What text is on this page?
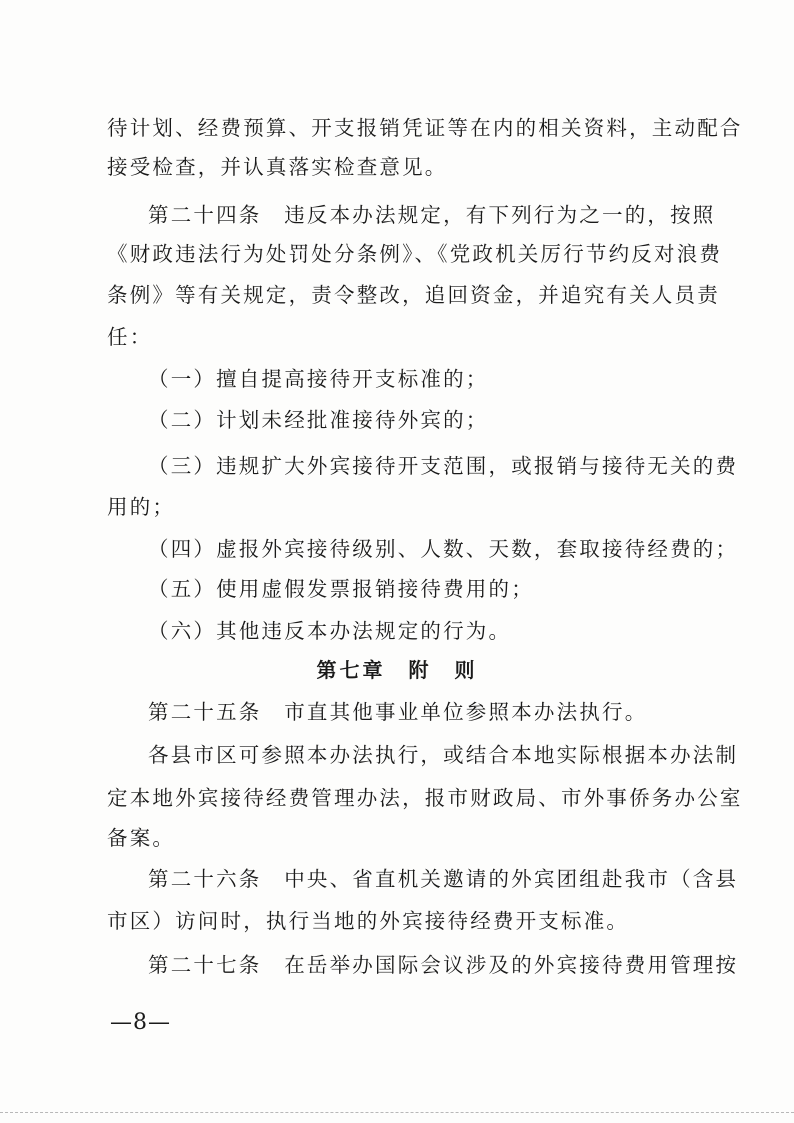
待计划、经费预算、开支报销凭证等在内的相关资料，主动配合
接受检查，并认真落实检查意见。
第二十四条　违反本办法规定，有下列行为之一的，按照
《财政违法行为处罚处分条例》、《党政机关厉行节约反对浪费
条例》等有关规定，责令整改，追回资金，并追究有关人员责
任：
（一）擅自提高接待开支标准的；
（二）计划未经批准接待外宾的；
（三）违规扩大外宾接待开支范围，或报销与接待无关的费
用的；
（四）虚报外宾接待级别、人数、天数，套取接待经费的；
（五）使用虚假发票报销接待费用的；
（六）其他违反本办法规定的行为。
第七章　附　则
第二十五条　市直其他事业单位参照本办法执行。
各县市区可参照本办法执行，或结合本地实际根据本办法制
定本地外宾接待经费管理办法，报市财政局、市外事侨务办公室
备案。
第二十六条　中央、省直机关邀请的外宾团组赴我市（含县
市区）访问时，执行当地的外宾接待经费开支标准。
第二十七条　在岳举办国际会议涉及的外宾接待费用管理按
—8—
